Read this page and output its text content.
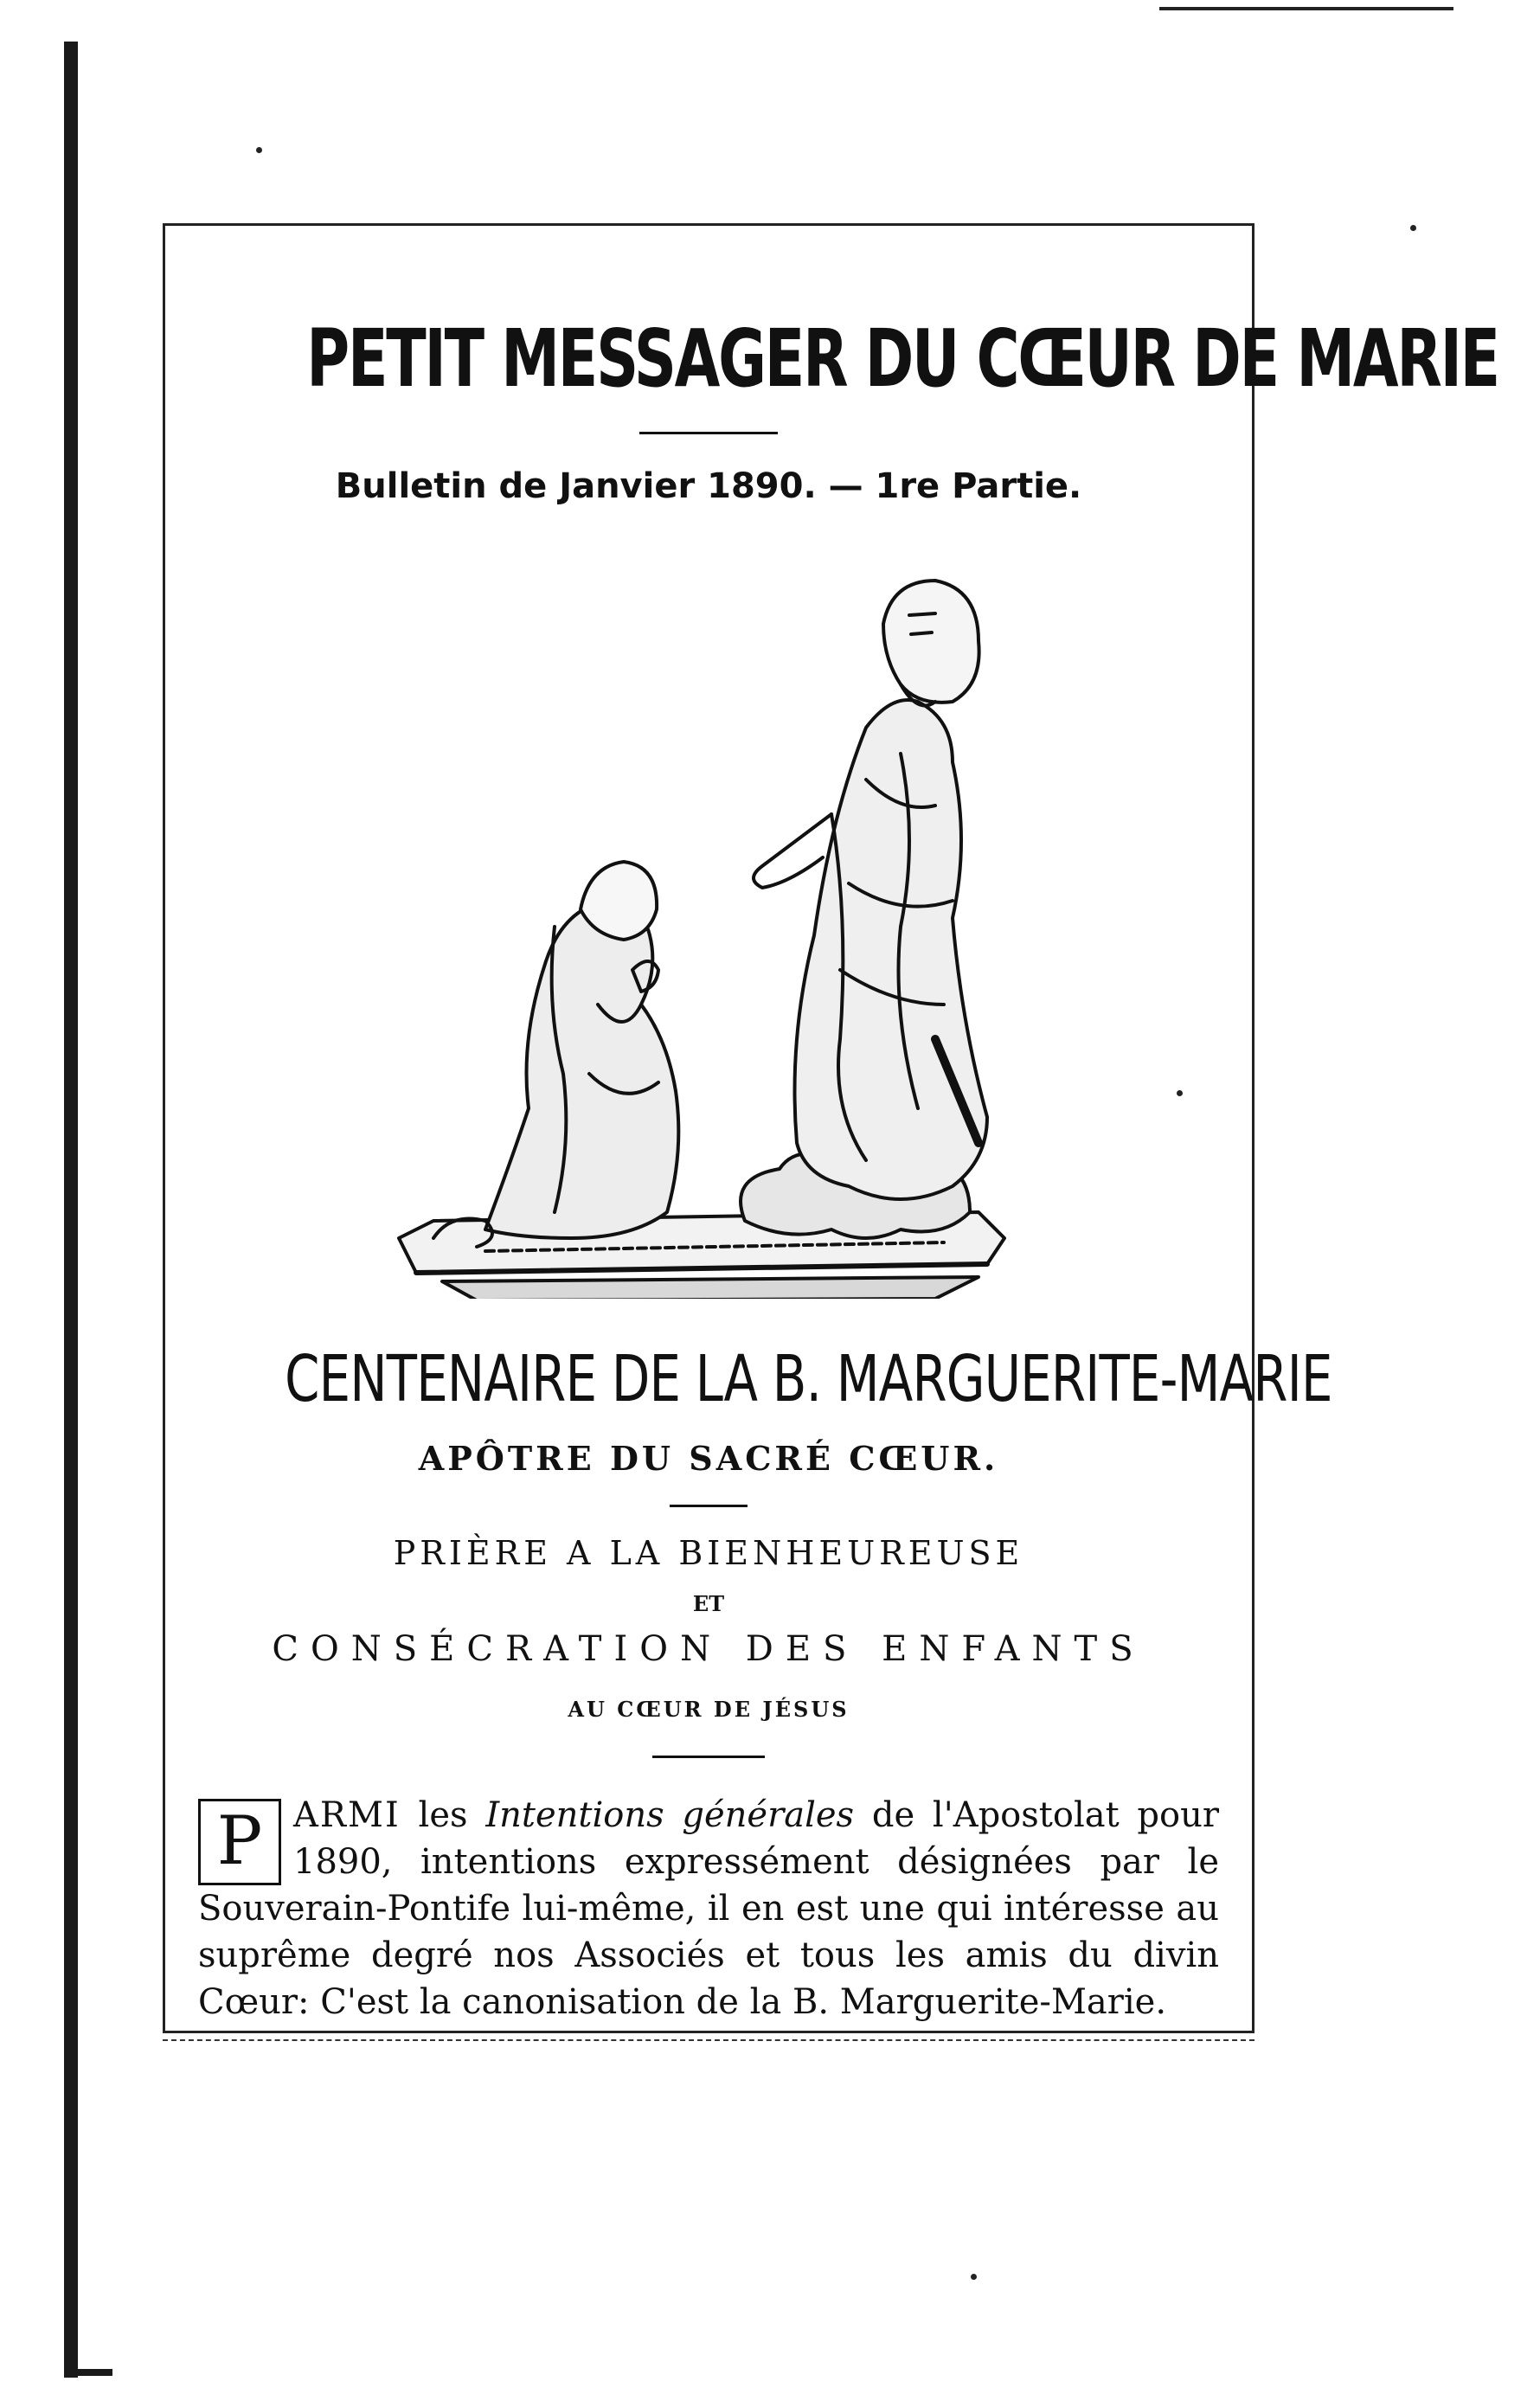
PETIT MESSAGER DU CŒUR DE MARIE
Bulletin de Janvier 1890. — 1re Partie.
CENTENAIRE DE LA B. MARGUERITE-MARIE
APÔTRE DU SACRÉ CŒUR.
PRIÈRE A LA BIENHEUREUSE
ET
CONSÉCRATION DES ENFANTS
AU CŒUR DE JÉSUS
P ARMI les Intentions générales de l'Apostolat pour 1890, intentions expressément désignées par le Souverain-Pontife lui-même, il en est une qui intéresse au suprême degré nos Associés et tous les amis du divin Cœur: C'est la canonisation de la B. Marguerite-Marie.
